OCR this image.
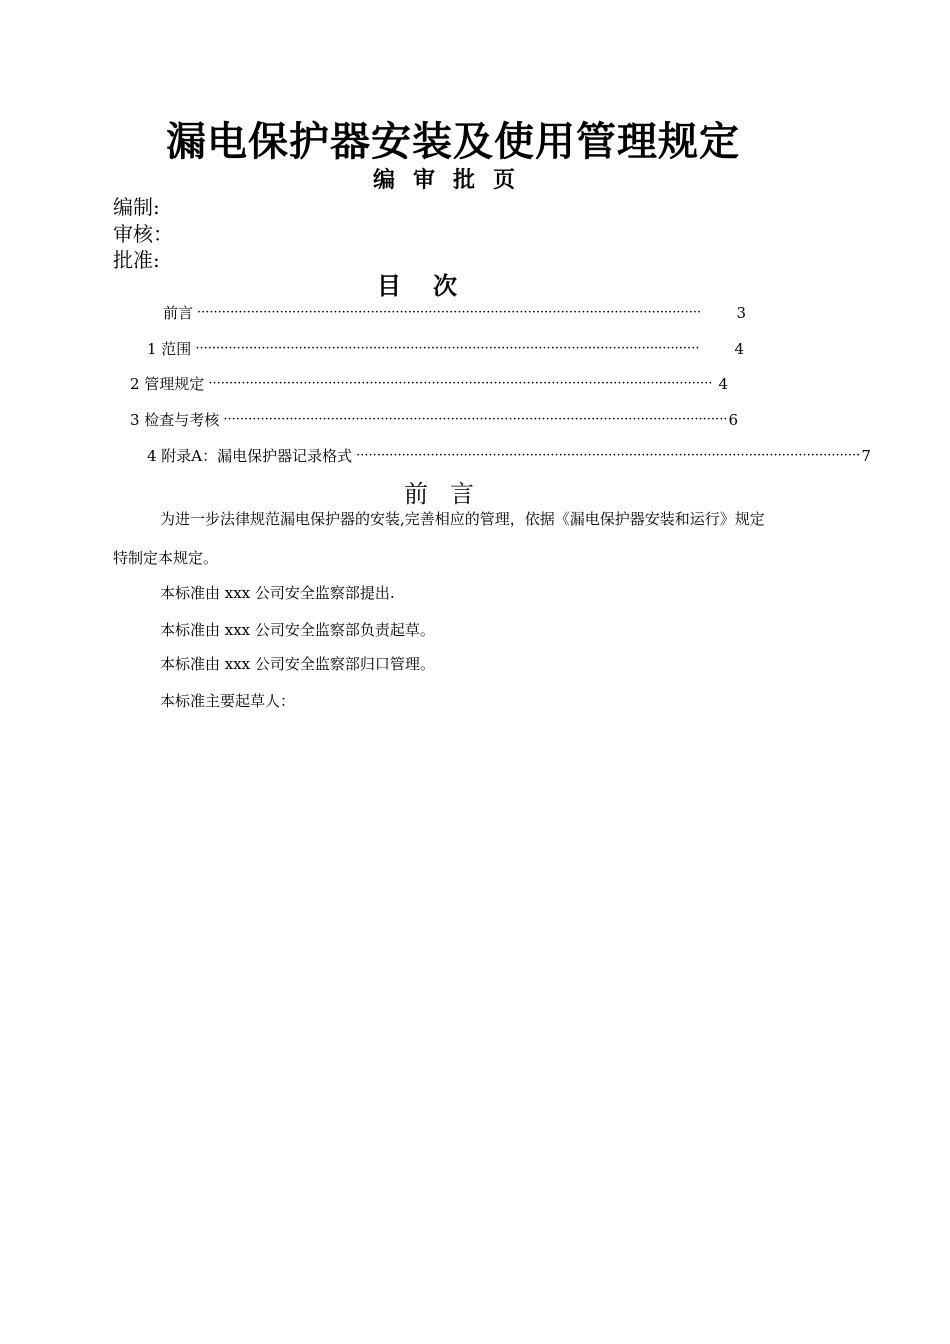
漏电保护器安装及使用管理规定
编审批页
编制:
审核：
批准:
目次
前言 ··························································································································	3
1 范围 ··························································································································	4
2 管理规定 ·························································································································· 4
3 检查与考核 ·························································································································· 6
4 附录A：漏电保护器记录格式 ·························································································································· 7
前言
为进一步法律规范漏电保护器的安装,完善相应的管理，依据《漏电保护器安装和运行》规定
特制定本规定。
本标准由 xxx 公司安全监察部提出.
本标准由 xxx 公司安全监察部负责起草。
本标准由 xxx 公司安全监察部归口管理。
本标准主要起草人：
